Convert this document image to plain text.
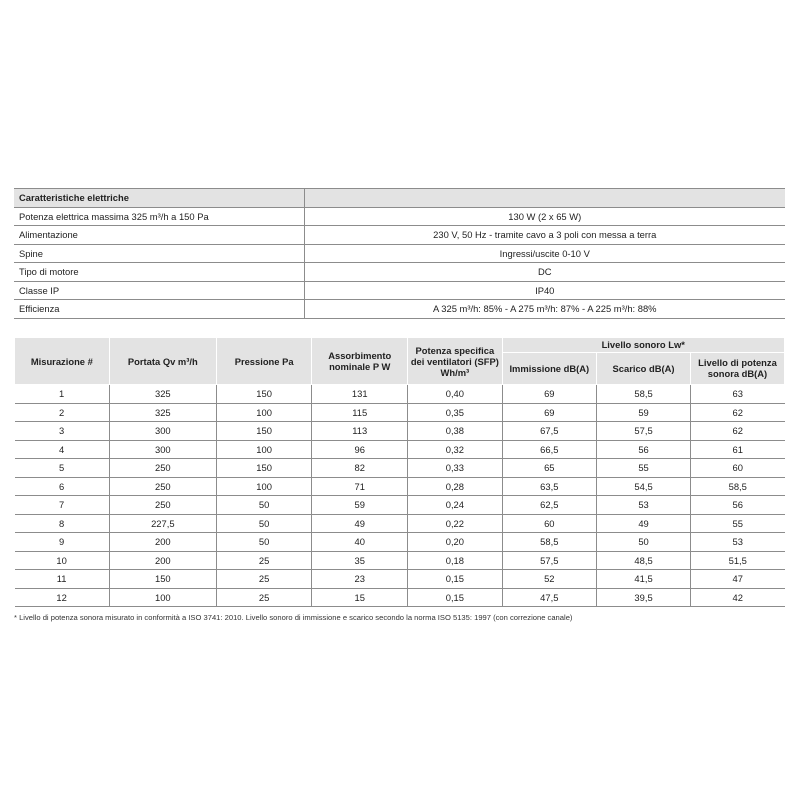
Caratteristiche elettriche	
Potenza elettrica massima 325 m³/h a 150 Pa	130 W (2 x 65 W)
Alimentazione	230 V, 50 Hz - tramite cavo a 3 poli con messa a terra
Spine	Ingressi/uscite 0-10 V
Tipo di motore	DC
Classe IP	IP40
Efficienza	A 325 m³/h: 85% - A 275 m³/h: 87% - A 225 m³/h: 88%
Misurazione #	Portata Qv m³/h	Pressione Pa	Assorbimento nominale P W	Potenza specifica dei ventilatori (SFP) Wh/m³	Livello sonoro Lw*		
					Immissione dB(A)	Scarico dB(A)	Livello di potenza sonora dB(A)
1	325	150	131	0,40	69	58,5	63
2	325	100	115	0,35	69	59	62
3	300	150	113	0,38	67,5	57,5	62
4	300	100	96	0,32	66,5	56	61
5	250	150	82	0,33	65	55	60
6	250	100	71	0,28	63,5	54,5	58,5
7	250	50	59	0,24	62,5	53	56
8	227,5	50	49	0,22	60	49	55
9	200	50	40	0,20	58,5	50	53
10	200	25	35	0,18	57,5	48,5	51,5
11	150	25	23	0,15	52	41,5	47
12	100	25	15	0,15	47,5	39,5	42
* Livello di potenza sonora misurato in conformità a ISO 3741: 2010. Livello sonoro di immissione e scarico secondo la norma ISO 5135: 1997 (con correzione canale)
